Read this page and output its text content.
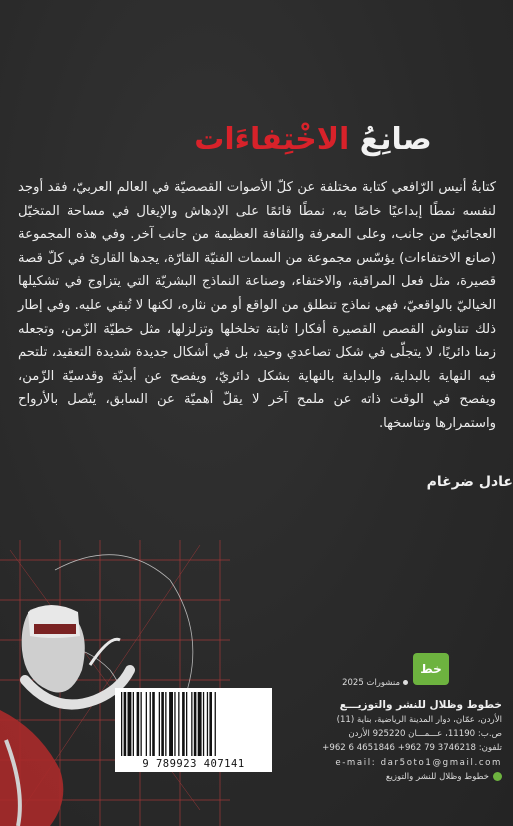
صانِعُ الاخْتِفاءَات
كتابةُ أنيس الرّافعي كتابة مختلفة عن كلّ الأصوات القصصيّة في العالم العربيّ، فقد أوجد لنفسه نمطًا إبداعيًا خاصًا به، نمطًا قائمًا على الإدهاش والإيغال في مساحة المتخيّل العجائبيّ من جانب، وعلى المعرفة والثقافة العظيمة من جانب آخر. وفي هذه المجموعة (صانع الاختفاءات) يؤسّس مجموعة من السمات الفنيّة القارّة، يجدها القارئ في كلّ قصة قصيرة، مثل فعل المراقبة، والاختفاء، وصناعة النماذج البشريّة التي يتزاوج في تشكيلها الخياليّ بالواقعيّ، فهي نماذج تنطلق من الواقع أو من نثاره، لكنها لا تُبقي عليه. وفي إطار ذلك تتناوش القصص القصيرة أفكارا ثابتة تخلخلها وتزلزلها، مثل خطيّة الزّمن، وتجعله زمنا دائريًا، لا يتجلّى في شكل تصاعدي وحيد، بل في أشكال جديدة شديدة التعقيد، تلتحم فيه النهاية بالبداية، والبداية بالنهاية بشكل دائريّ، ويفصح عن أبديّة وقدسيّة الزّمن، ويفصح في الوقت ذاته عن ملمح آخر لا يقلّ أهميّة عن السابق، يتّصل بالأرواح واستمرارها وتناسخها.
عادل ضرغام
9 789923 407141
خط
منشورات 2025
خطوط وظلال للنشر والتوزيـــع
الأردن، عمّان، دوار المدينة الرياضية، بناية (11)
ص.ب: 11190، عـــمـــان 925220 الأردن
تلفون: 3746218 79 962+ 4651846 6 962+
e-mail: dar5oto1@gmail.com
خطوط وظلال للنشر والتوزيع
